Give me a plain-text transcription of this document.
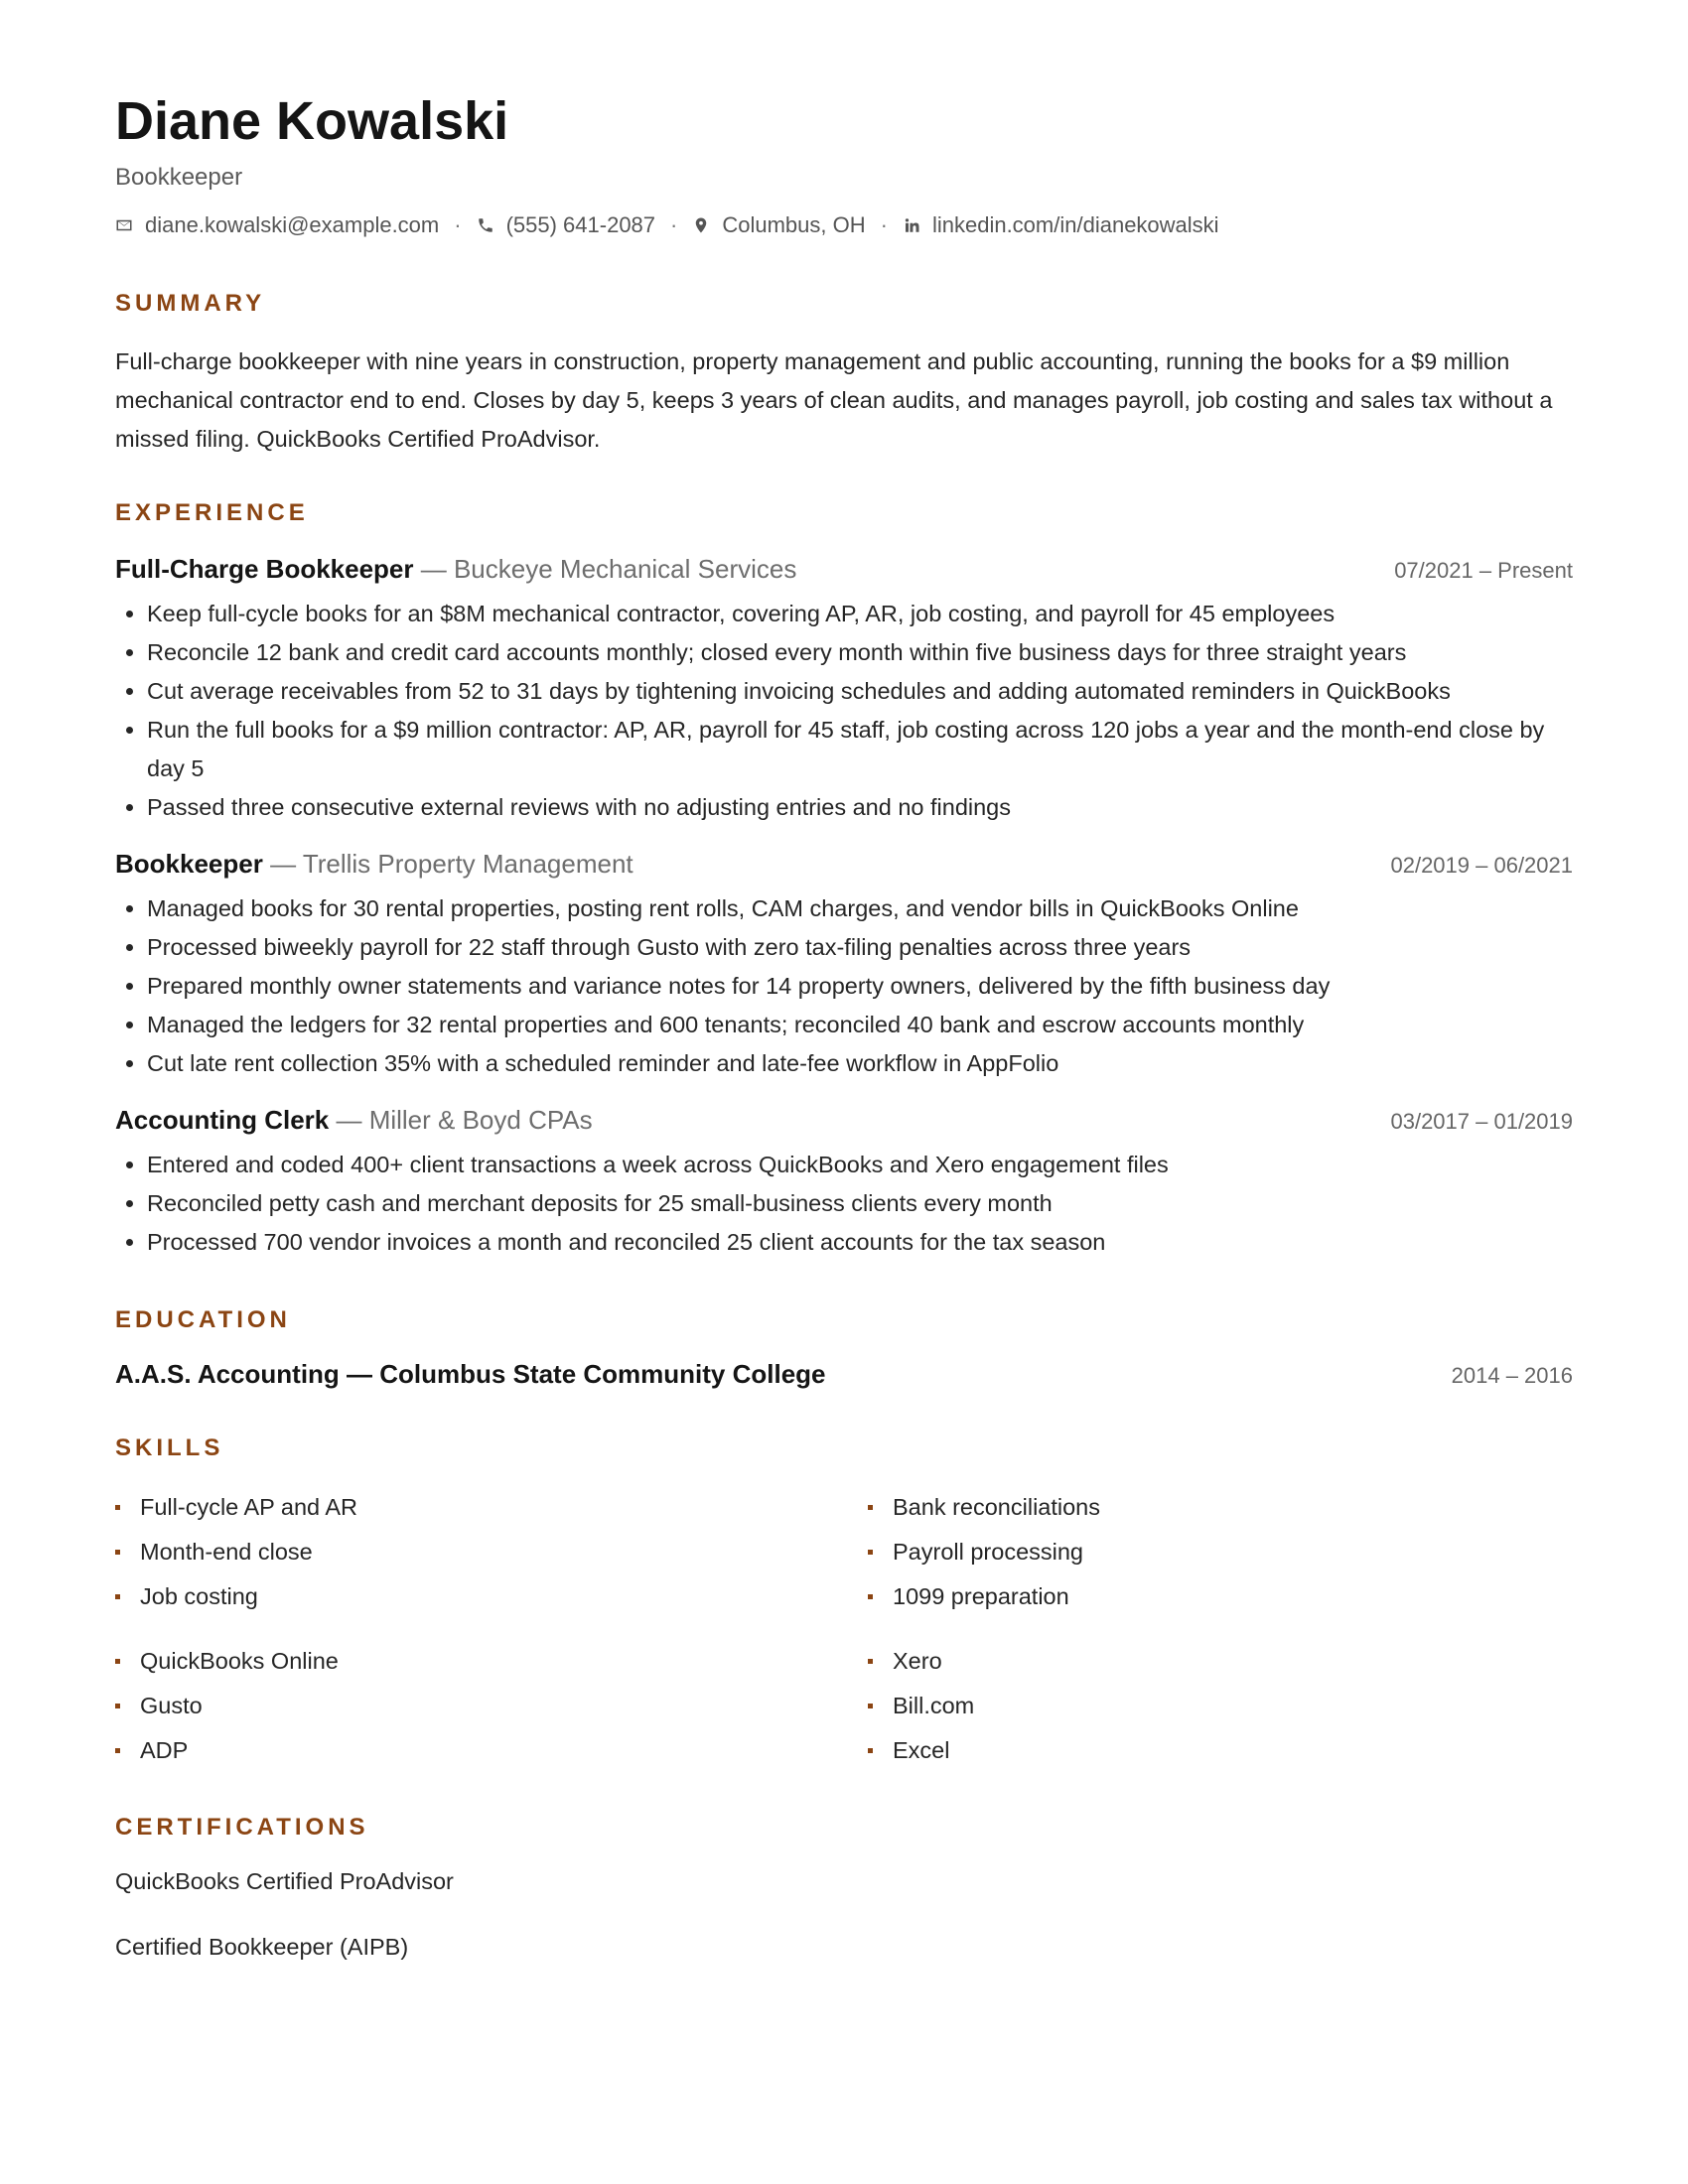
Diane Kowalski
Bookkeeper
diane.kowalski@example.com · (555) 641-2087 · Columbus, OH · linkedin.com/in/dianekowalski
SUMMARY
Full-charge bookkeeper with nine years in construction, property management and public accounting, running the books for a $9 million mechanical contractor end to end. Closes by day 5, keeps 3 years of clean audits, and manages payroll, job costing and sales tax without a missed filing. QuickBooks Certified ProAdvisor.
EXPERIENCE
Full-Charge Bookkeeper — Buckeye Mechanical Services	07/2021 – Present
• Keep full-cycle books for an $8M mechanical contractor, covering AP, AR, job costing, and payroll for 45 employees
• Reconcile 12 bank and credit card accounts monthly; closed every month within five business days for three straight years
• Cut average receivables from 52 to 31 days by tightening invoicing schedules and adding automated reminders in QuickBooks
• Run the full books for a $9 million contractor: AP, AR, payroll for 45 staff, job costing across 120 jobs a year and the month-end close by day 5
• Passed three consecutive external reviews with no adjusting entries and no findings
Bookkeeper — Trellis Property Management	02/2019 – 06/2021
• Managed books for 30 rental properties, posting rent rolls, CAM charges, and vendor bills in QuickBooks Online
• Processed biweekly payroll for 22 staff through Gusto with zero tax-filing penalties across three years
• Prepared monthly owner statements and variance notes for 14 property owners, delivered by the fifth business day
• Managed the ledgers for 32 rental properties and 600 tenants; reconciled 40 bank and escrow accounts monthly
• Cut late rent collection 35% with a scheduled reminder and late-fee workflow in AppFolio
Accounting Clerk — Miller & Boyd CPAs	03/2017 – 01/2019
• Entered and coded 400+ client transactions a week across QuickBooks and Xero engagement files
• Reconciled petty cash and merchant deposits for 25 small-business clients every month
• Processed 700 vendor invoices a month and reconciled 25 client accounts for the tax season
EDUCATION
A.A.S. Accounting — Columbus State Community College	2014 – 2016
SKILLS
Full-cycle AP and AR	Bank reconciliations
Month-end close	Payroll processing
Job costing	1099 preparation
QuickBooks Online	Xero
Gusto	Bill.com
ADP	Excel
CERTIFICATIONS
QuickBooks Certified ProAdvisor
Certified Bookkeeper (AIPB)
